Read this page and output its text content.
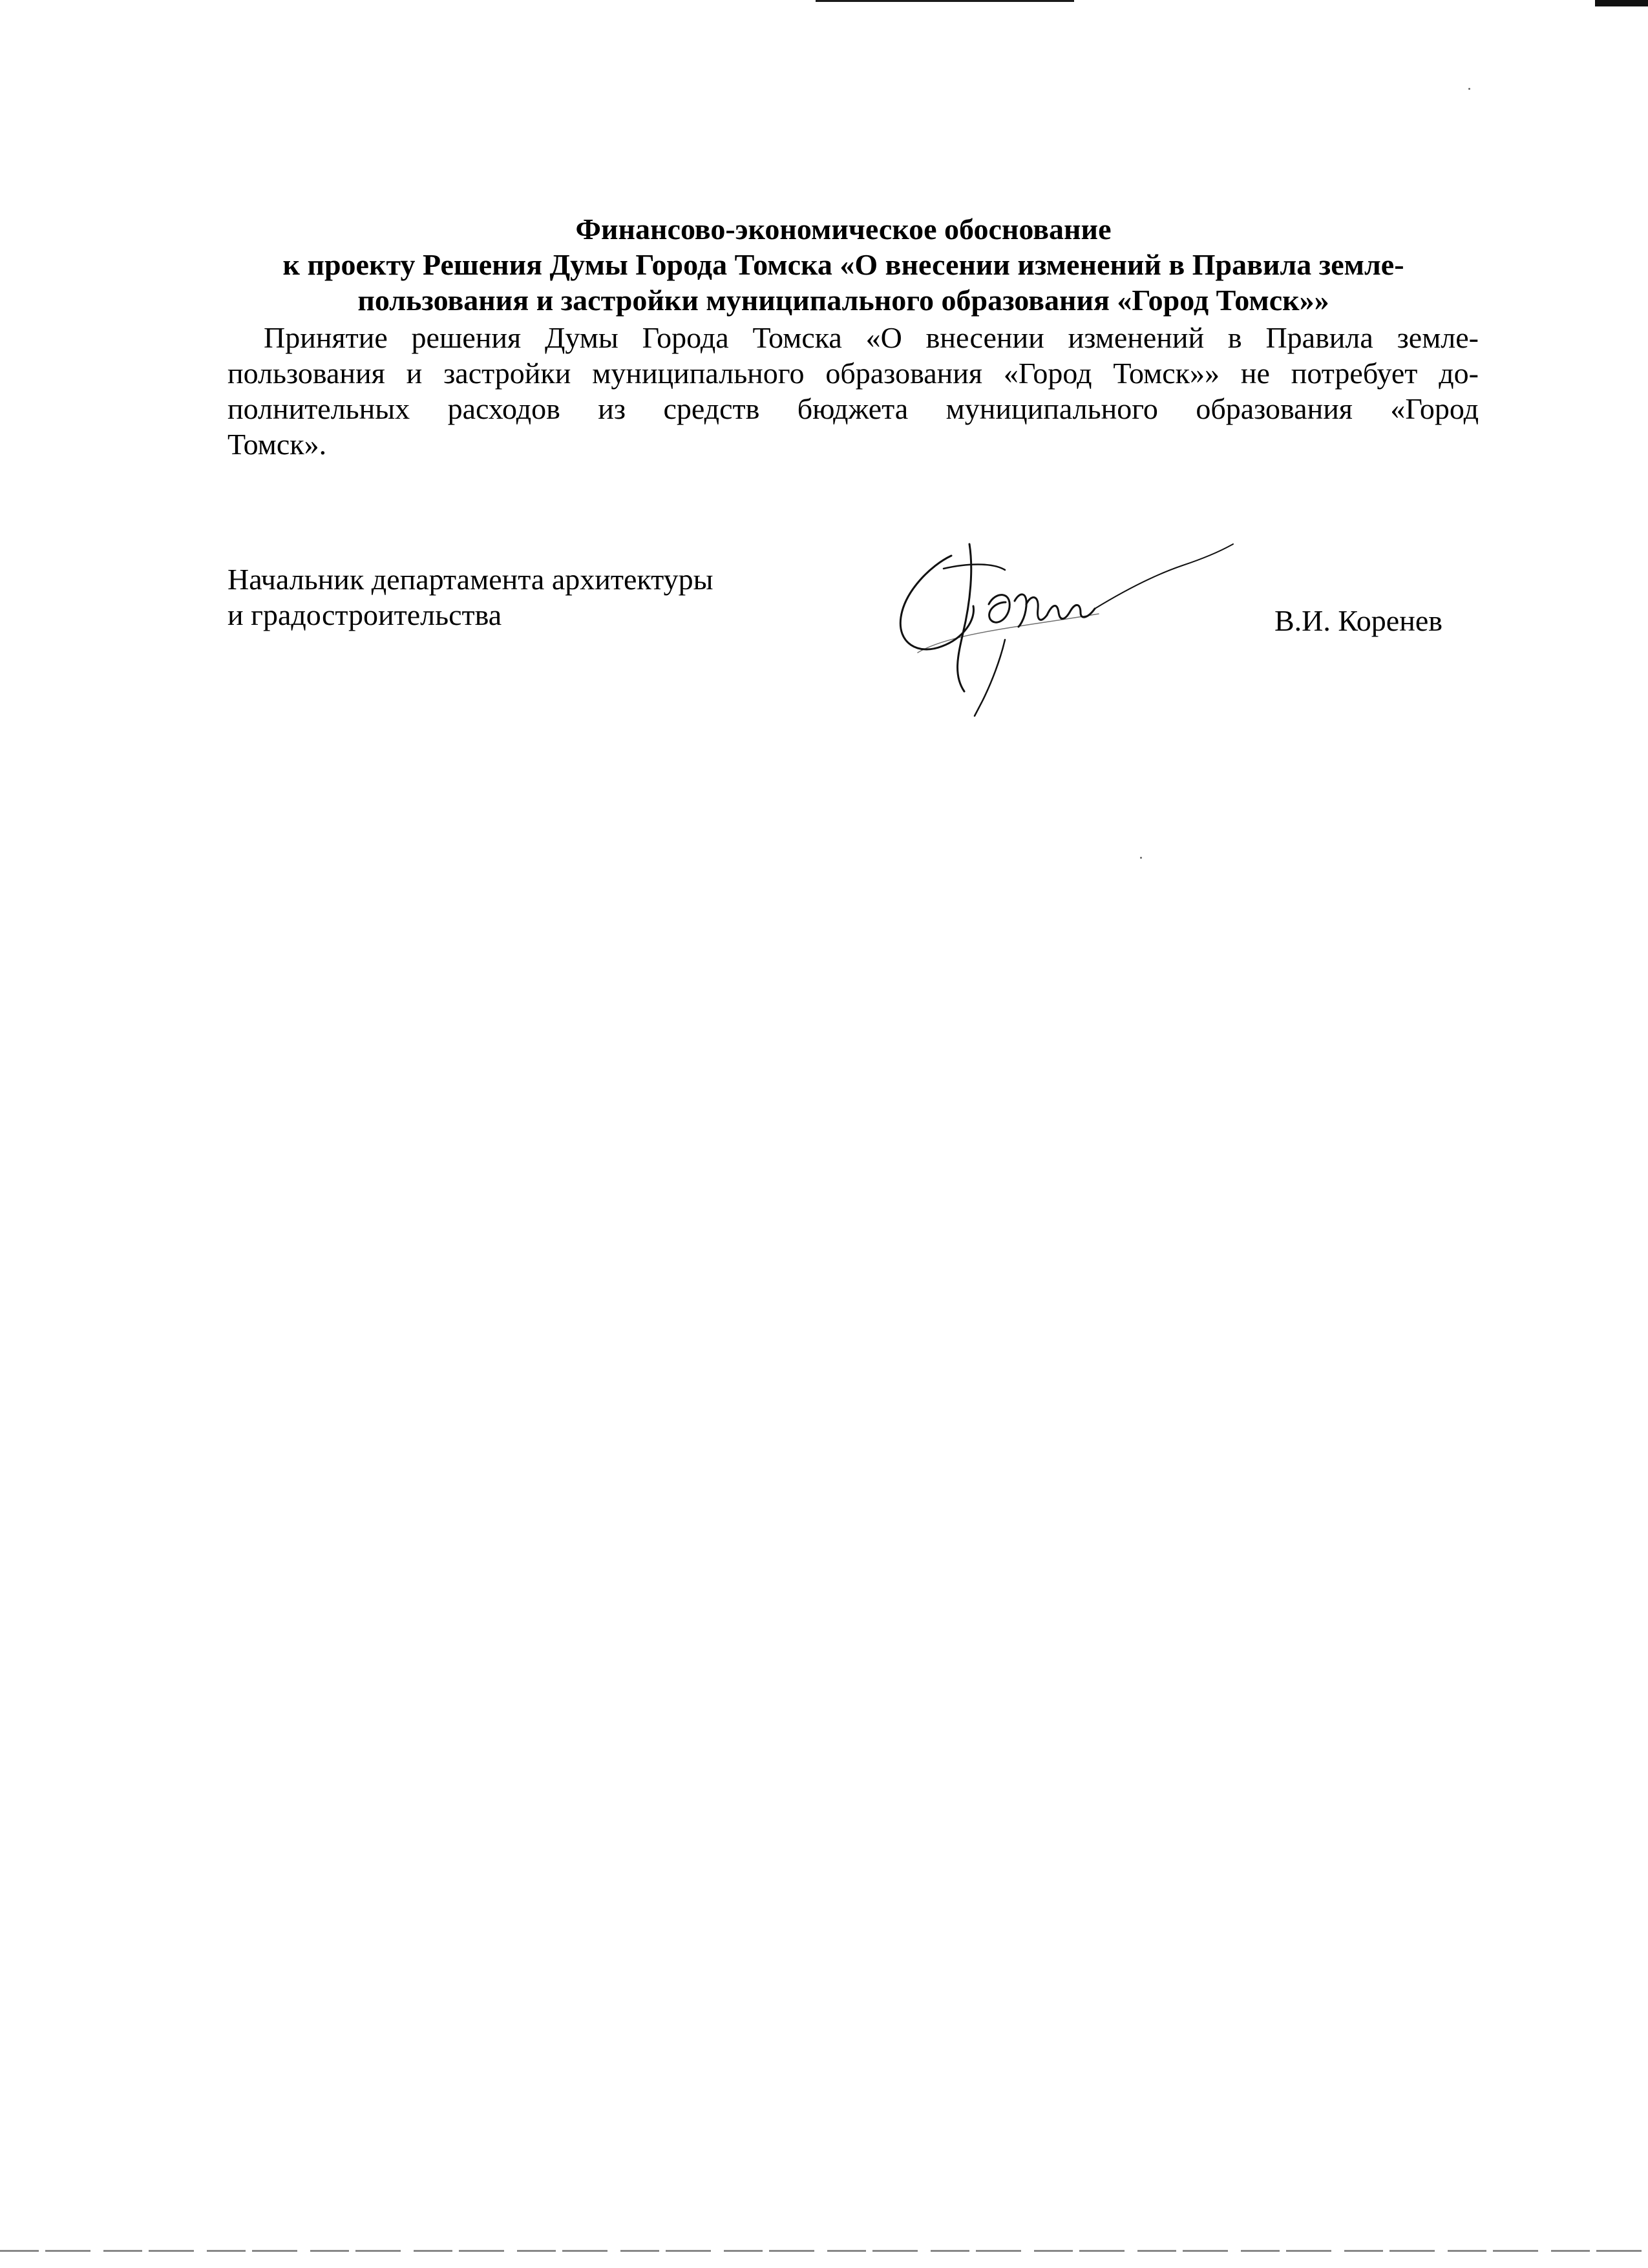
Финансово-экономическое обоснование
к проекту Решения Думы Города Томска «О внесении изменений в Правила земле-
пользования и застройки муниципального образования «Город Томск»»
Принятие решения Думы Города Томска «О внесении изменений в Правила земле-
пользования и застройки муниципального образования «Город Томск»» не потребует до-
полнительных расходов из средств бюджета муниципального образования «Город
Томск».
Начальник департамента архитектуры
и градостроительства	В.И. Коренев
